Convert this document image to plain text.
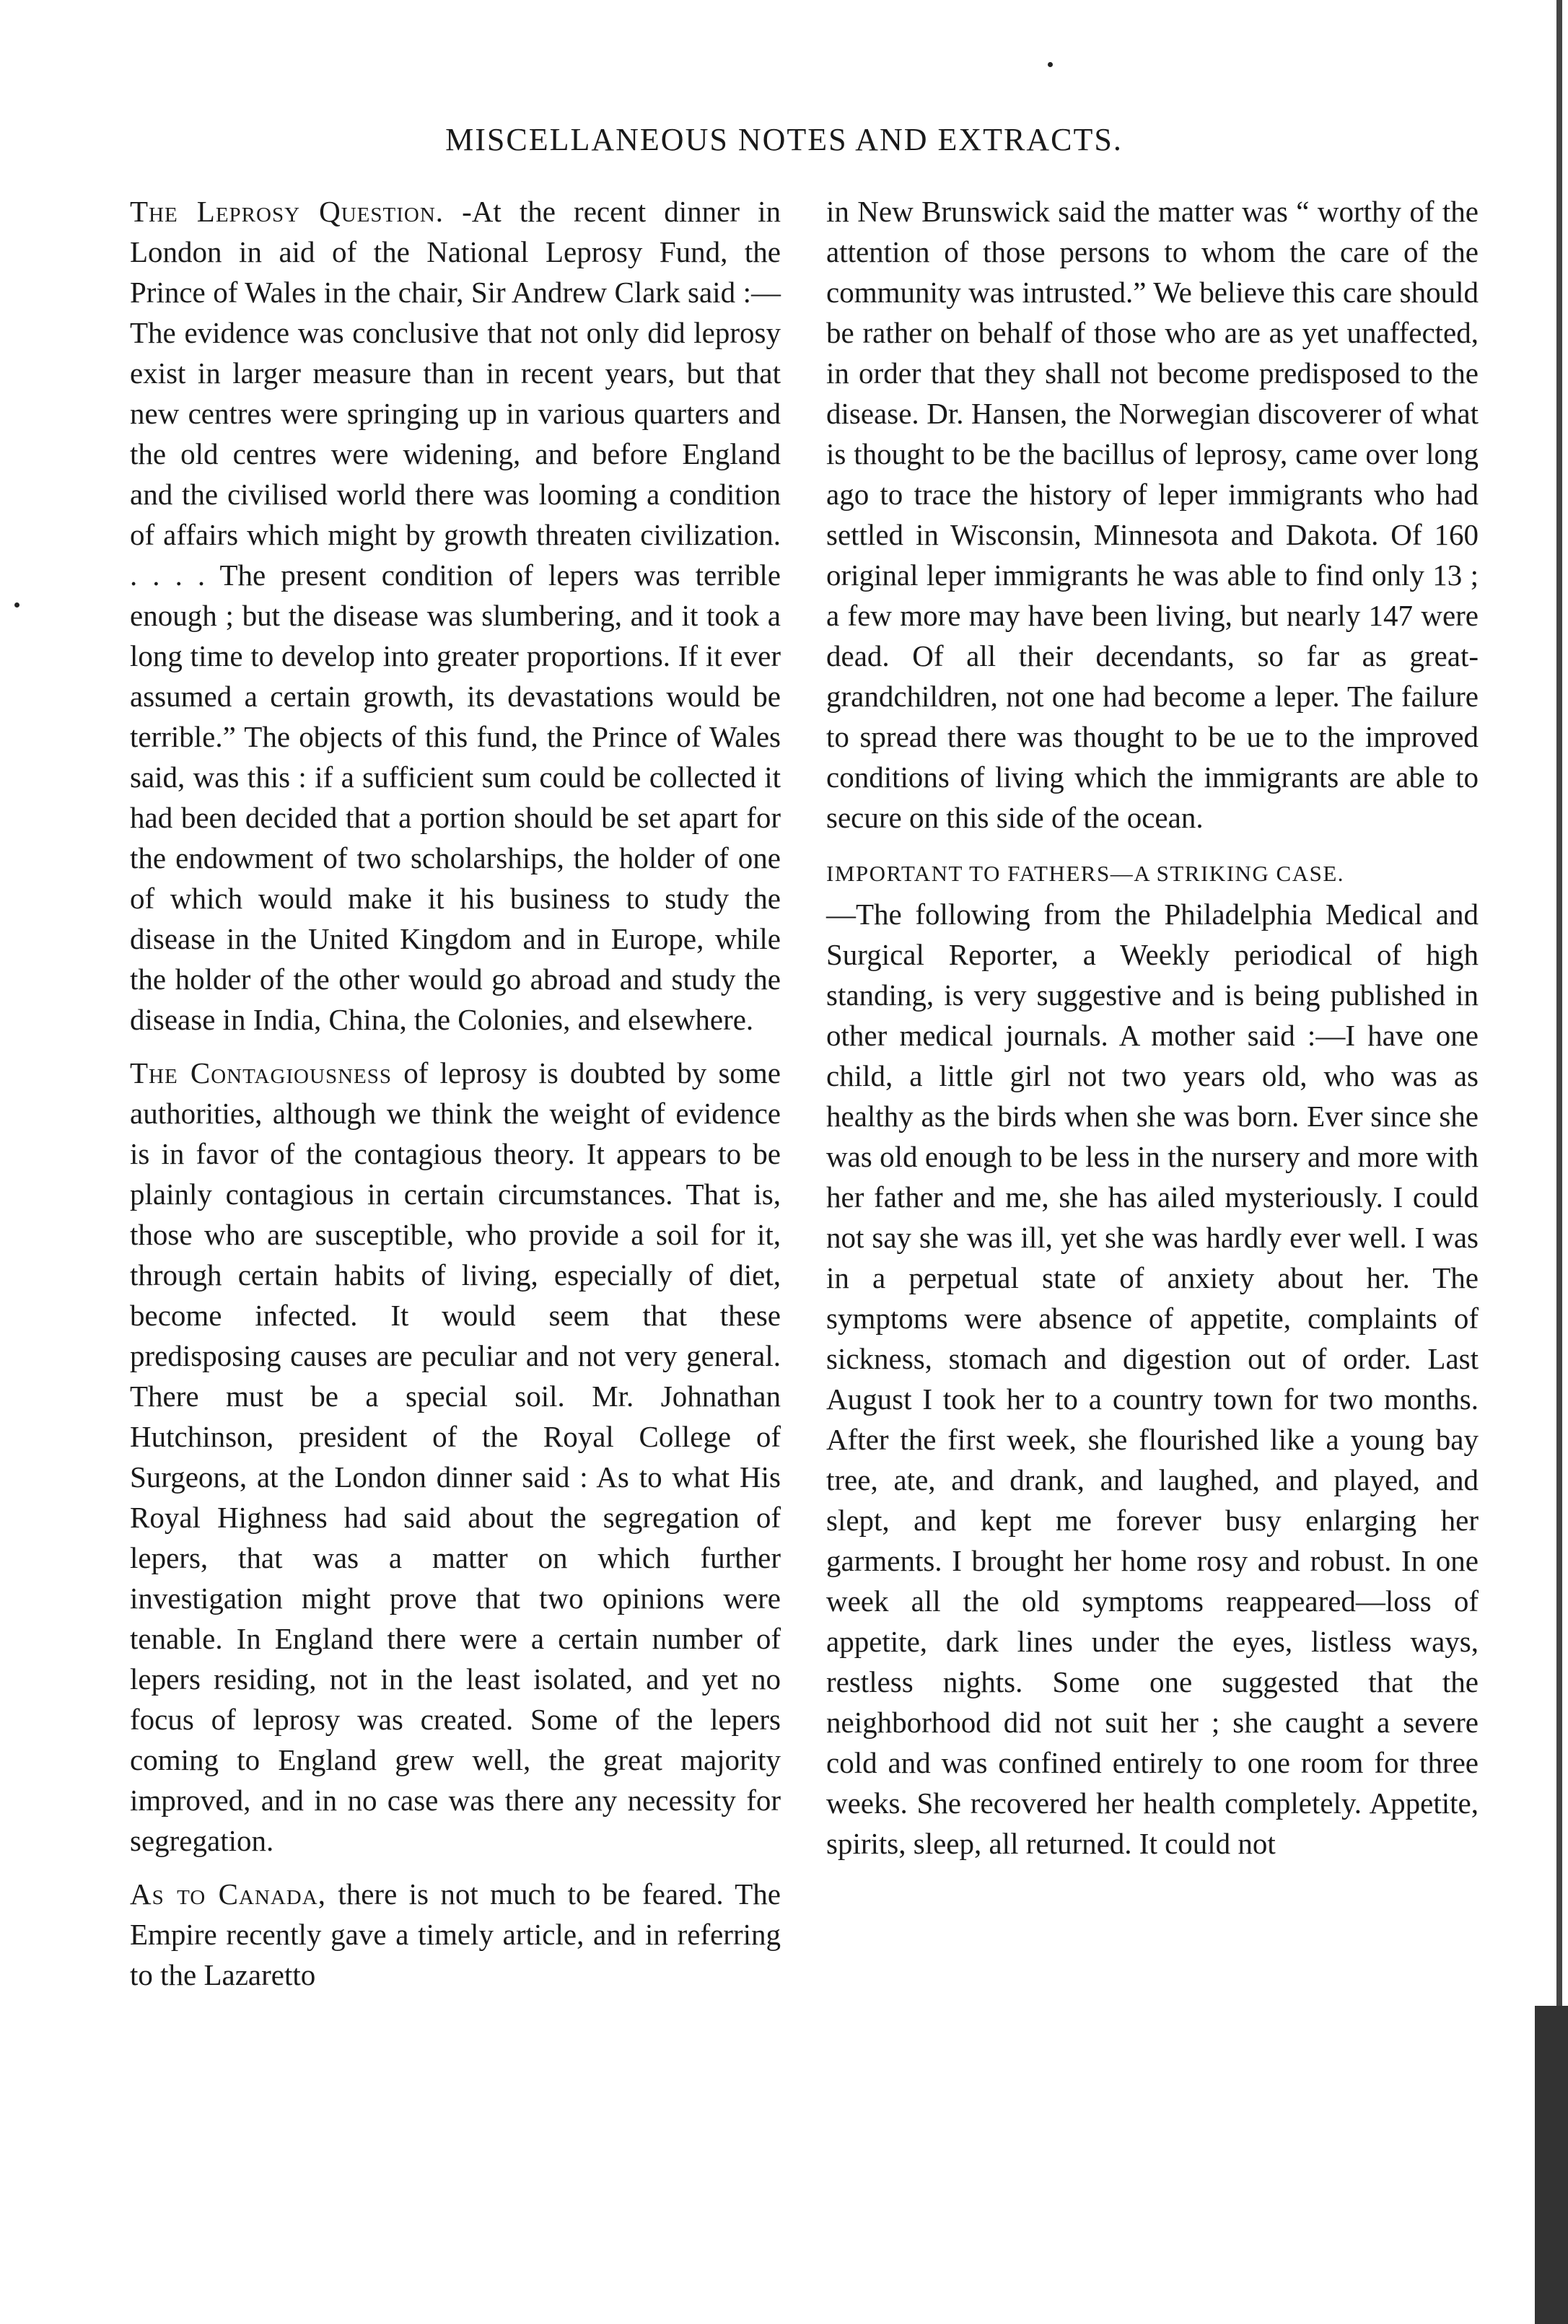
MISCELLANEOUS NOTES AND EXTRACTS.

The Leprosy Question. -At the recent dinner in London in aid of the National Leprosy Fund, the Prince of Wales in the chair, Sir Andrew Clark said :—The evidence was conclusive that not only did leprosy exist in larger measure than in recent years, but that new centres were springing up in various quarters and the old centres were widening, and before England and the civilised world there was looming a condition of affairs which might by growth threaten civilization. . . . . The present condition of lepers was terrible enough ; but the disease was slumbering, and it took a long time to develop into greater proportions. If it ever assumed a certain growth, its devastations would be terrible.” The objects of this fund, the Prince of Wales said, was this : if a sufficient sum could be collected it had been decided that a portion should be set apart for the endowment of two scholarships, the holder of one of which would make it his business to study the disease in the United Kingdom and in Europe, while the holder of the other would go abroad and study the disease in India, China, the Colonies, and elsewhere.

The Contagiousness of leprosy is doubted by some authorities, although we think the weight of evidence is in favor of the contagious theory. It appears to be plainly contagious in certain circumstances. That is, those who are susceptible, who provide a soil for it, through certain habits of living, especially of diet, become infected. It would seem that these predisposing causes are peculiar and not very general. There must be a special soil. Mr. Johnathan Hutchinson, president of the Royal College of Surgeons, at the London dinner said : As to what His Royal Highness had said about the segregation of lepers, that was a matter on which further investigation might prove that two opinions were tenable. In England there were a certain number of lepers residing, not in the least isolated, and yet no focus of leprosy was created. Some of the lepers coming to England grew well, the great majority improved, and in no case was there any necessity for segregation.

As to Canada, there is not much to be feared. The Empire recently gave a timely article, and in referring to the Lazaretto

in New Brunswick said the matter was “ worthy of the attention of those persons to whom the care of the community was intrusted.” We believe this care should be rather on behalf of those who are as yet unaffected, in order that they shall not become predisposed to the disease. Dr. Hansen, the Norwegian discoverer of what is thought to be the bacillus of leprosy, came over long ago to trace the history of leper immigrants who had settled in Wisconsin, Minnesota and Dakota. Of 160 original leper immigrants he was able to find only 13 ; a few more may have been living, but nearly 147 were dead. Of all their decendants, so far as great-grandchildren, not one had become a leper. The failure to spread there was thought to be ue to the improved conditions of living which the immigrants are able to secure on this side of the ocean.

IMPORTANT TO FATHERS—A STRIKING CASE.
—The following from the Philadelphia Medical and Surgical Reporter, a Weekly periodical of high standing, is very suggestive and is being published in other medical journals. A mother said :—I have one child, a little girl not two years old, who was as healthy as the birds when she was born. Ever since she was old enough to be less in the nursery and more with her father and me, she has ailed mysteriously. I could not say she was ill, yet she was hardly ever well. I was in a perpetual state of anxiety about her. The symptoms were absence of appetite, complaints of sickness, stomach and digestion out of order. Last August I took her to a country town for two months. After the first week, she flourished like a young bay tree, ate, and drank, and laughed, and played, and slept, and kept me forever busy enlarging her garments. I brought her home rosy and robust. In one week all the old symptoms reappeared—loss of appetite, dark lines under the eyes, listless ways, restless nights. Some one suggested that the neighborhood did not suit her ; she caught a severe cold and was confined entirely to one room for three weeks. She recovered her health completely. Appetite, spirits, sleep, all returned. It could not
